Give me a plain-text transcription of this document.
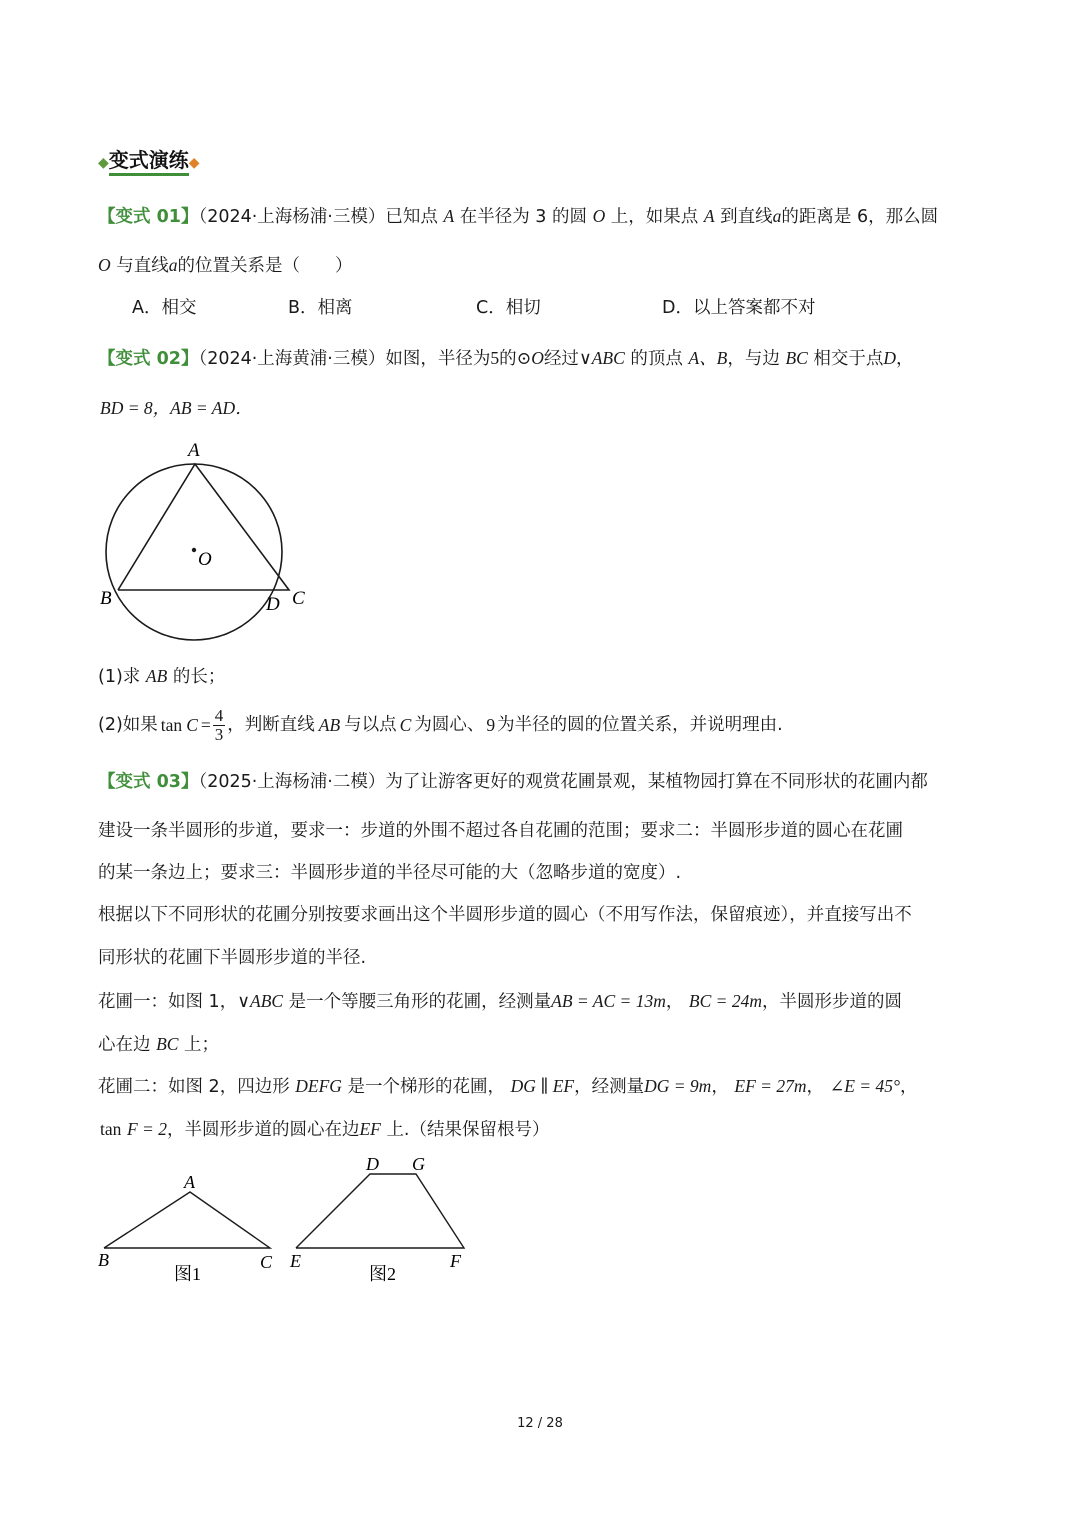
◆变式演练◆
【变式 01】（2024·上海杨浦·三模）已知点 A 在半径为 3 的圆 O 上，如果点 A 到直线a的距离是 6，那么圆
O 与直线a的位置关系是（　　）
A．相交	B．相离	C．相切	D．以上答案都不对
【变式 02】（2024·上海黄浦·三模）如图，半径为5的⊙O经过∨ABC 的顶点 A、B，与边 BC 相交于点D，
BD = 8，AB = AD．
A
O
B	D C
(1)求 AB 的长；
(2)如果 $\tan C = \frac{4}{3}$ ，判断直线 AB 与以点 C 为圆心、 9 为半径的圆的位置关系，并说明理由.
【变式 03】（2025·上海杨浦·二模）为了让游客更好的观赏花圃景观，某植物园打算在不同形状的花圃内都
建设一条半圆形的步道，要求一：步道的外围不超过各自花圃的范围；要求二：半圆形步道的圆心在花圃
的某一条边上；要求三：半圆形步道的半径尽可能的大（忽略步道的宽度）.
根据以下不同形状的花圃分别按要求画出这个半圆形步道的圆心（不用写作法，保留痕迹），并直接写出不
同形状的花圃下半圆形步道的半径.
花圃一：如图 1，∨ABC 是一个等腰三角形的花圃，经测量AB = AC = 13m， BC = 24m，半圆形步道的圆
心在边 BC 上；
花圃二：如图 2，四边形 DEFG 是一个梯形的花圃， DG ∥ EF，经测量DG = 9m， EF = 27m， ∠E = 45°，
tan F = 2，半圆形步道的圆心在边EF 上.（结果保留根号）
A
B	C
图1
D G
E	F
图2
12 / 28
